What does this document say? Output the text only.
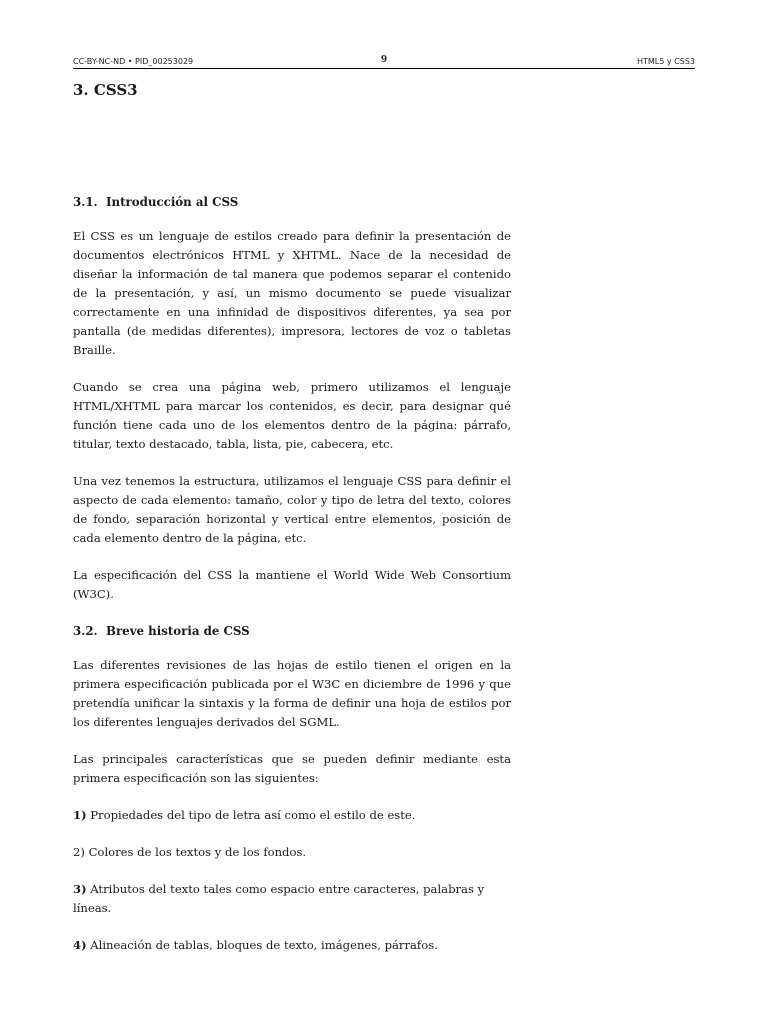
CC-BY-NC-ND • PID_00253029	9	HTML5 y CSS3
3. CSS3
3.1. Introducción al CSS

El CSS es un lenguaje de estilos creado para definir la presentación de documentos electrónicos HTML y XHTML. Nace de la necesidad de diseñar la información de tal manera que podemos separar el contenido de la presentación, y así, un mismo documento se puede visualizar correctamente en una infinidad de dispositivos diferentes, ya sea por pantalla (de medidas diferentes), impresora, lectores de voz o tabletas Braille.

Cuando se crea una página web, primero utilizamos el lenguaje HTML/XHTML para marcar los contenidos, es decir, para designar qué función tiene cada uno de los elementos dentro de la página: párrafo, titular, texto destacado, tabla, lista, pie, cabecera, etc.

Una vez tenemos la estructura, utilizamos el lenguaje CSS para definir el aspecto de cada elemento: tamaño, color y tipo de letra del texto, colores de fondo, separación horizontal y vertical entre elementos, posición de cada elemento dentro de la página, etc.

La especificación del CSS la mantiene el World Wide Web Consortium (W3C).

3.2. Breve historia de CSS

Las diferentes revisiones de las hojas de estilo tienen el origen en la primera especificación publicada por el W3C en diciembre de 1996 y que pretendía unificar la sintaxis y la forma de definir una hoja de estilos por los diferentes lenguajes derivados del SGML.

Las principales características que se pueden definir mediante esta primera especificación son las siguientes:

1) Propiedades del tipo de letra así como el estilo de este.

2) Colores de los textos y de los fondos.

3) Atributos del texto tales como espacio entre caracteres, palabras y líneas.

4) Alineación de tablas, bloques de texto, imágenes, párrafos.
